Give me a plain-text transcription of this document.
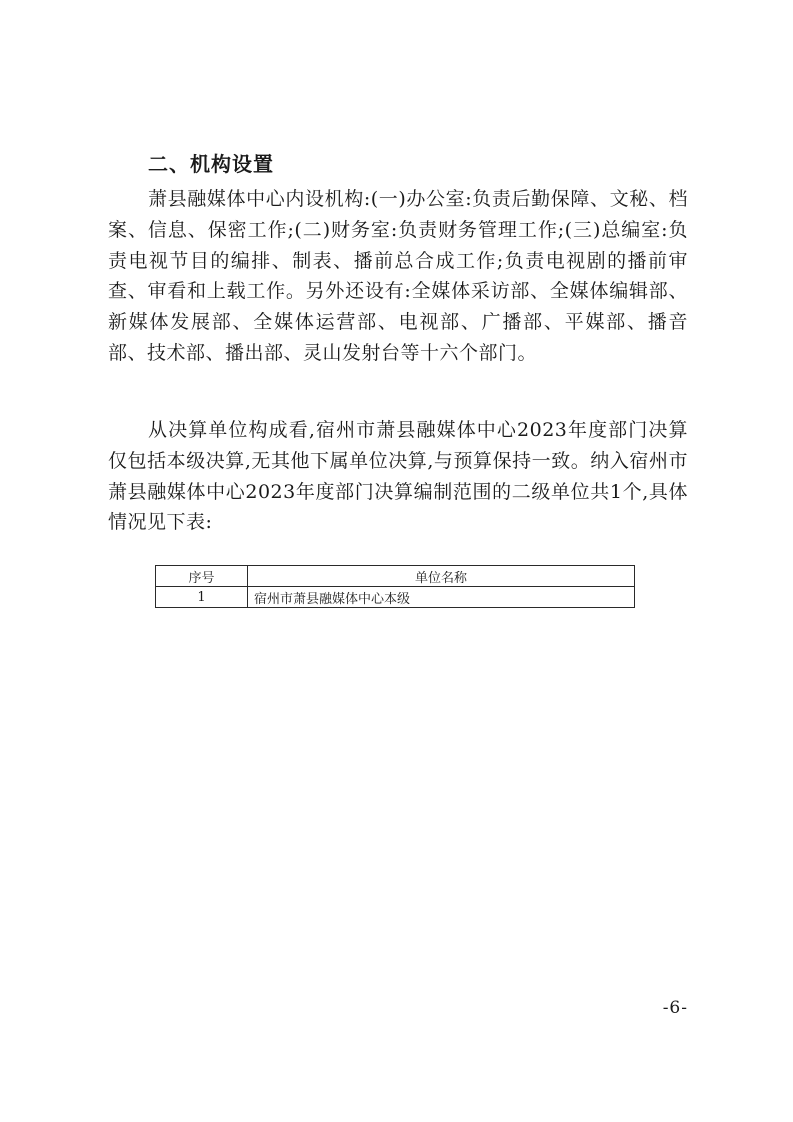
二、机构设置

萧县融媒体中心内设机构:(一)办公室:负责后勤保障、文秘、档案、信息、保密工作;(二)财务室:负责财务管理工作;(三)总编室:负责电视节目的编排、制表、播前总合成工作;负责电视剧的播前审查、审看和上载工作。另外还设有:全媒体采访部、全媒体编辑部、新媒体发展部、全媒体运营部、电视部、广播部、平媒部、播音部、技术部、播出部、灵山发射台等十六个部门。

从决算单位构成看,宿州市萧县融媒体中心2023年度部门决算仅包括本级决算,无其他下属单位决算,与预算保持一致。纳入宿州市萧县融媒体中心2023年度部门决算编制范围的二级单位共1个,具体情况见下表:

序号	单位名称
1	宿州市萧县融媒体中心本级
-6-
